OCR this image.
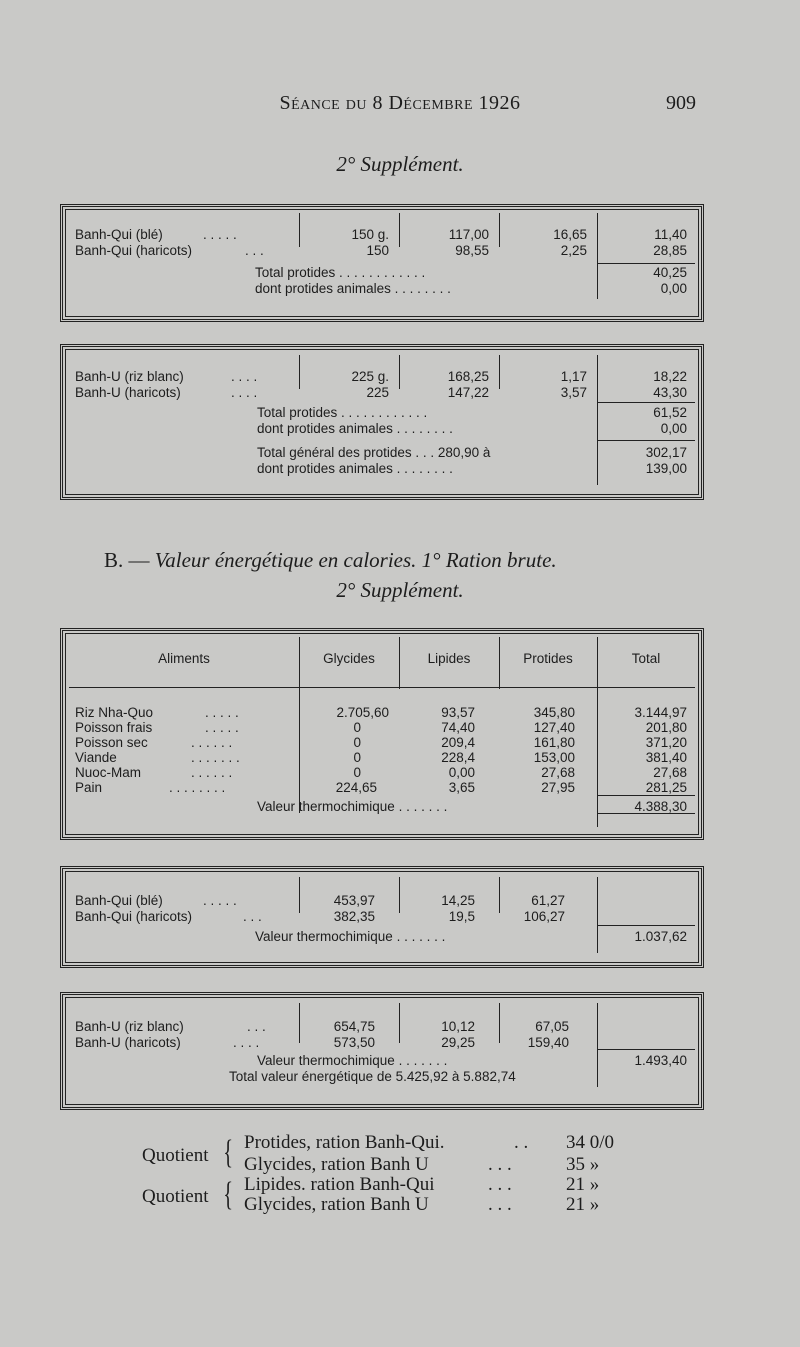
Séance du 8 Décembre 1926	909
2° Supplément.
Banh-Qui (blé)	. . . . .	150 g.	117,00	16,65	11,40
Banh-Qui (haricots)	. . .	150	98,55	2,25	28,85
Total protides . . . . . . . . . . . .	40,25
dont protides animales . . . . . . . .	0,00
Banh-U (riz blanc)	. . . .	225 g.	168,25	1,17	18,22
Banh-U (haricots)	. . . .	225	147,22	3,57	43,30
Total protides . . . . . . . . . . . .	61,52
dont protides animales . . . . . . . .	0,00
Total général des protides . . . 280,90 à	302,17
dont protides animales . . . . . . . .	139,00
B. — Valeur énergétique en calories. 1° Ration brute.
2° Supplément.
Aliments	Glycides	Lipides	Protides	Total
Riz Nha-Quo	. . . . .	2.705,60	93,57	345,80	3.144,97
Poisson frais	. . . . .	0	74,40	127,40	201,80
Poisson sec	. . . . . .	0	209,4	161,80	371,20
Viande	. . . . . . .	0	228,4	153,00	381,40
Nuoc-Mam	. . . . . .	0	0,00	27,68	27,68
Pain	. . . . . . . .	224,65	3,65	27,95	281,25
Valeur thermochimique . . . . . . .	4.388,30
Banh-Qui (blé)	. . . . .	453,97	14,25	61,27
Banh-Qui (haricots)	. . .	382,35	19,5	106,27
Valeur thermochimique . . . . . . .	1.037,62
Banh-U (riz blanc)	. . .	654,75	10,12	67,05
Banh-U (haricots)	. . . .	573,50	29,25	159,40
Valeur thermochimique . . . . . . .	1.493,40
Total valeur énergétique de 5.425,92 à 5.882,74
Quotient { Protides, ration Banh-Qui.	. . 34 0/0
Glycides, ration Banh U	. . .	35 »
Quotient { Lipides. ration Banh-Qui	. . .	21 »
Glycides, ration Banh U	. . .	21 »
